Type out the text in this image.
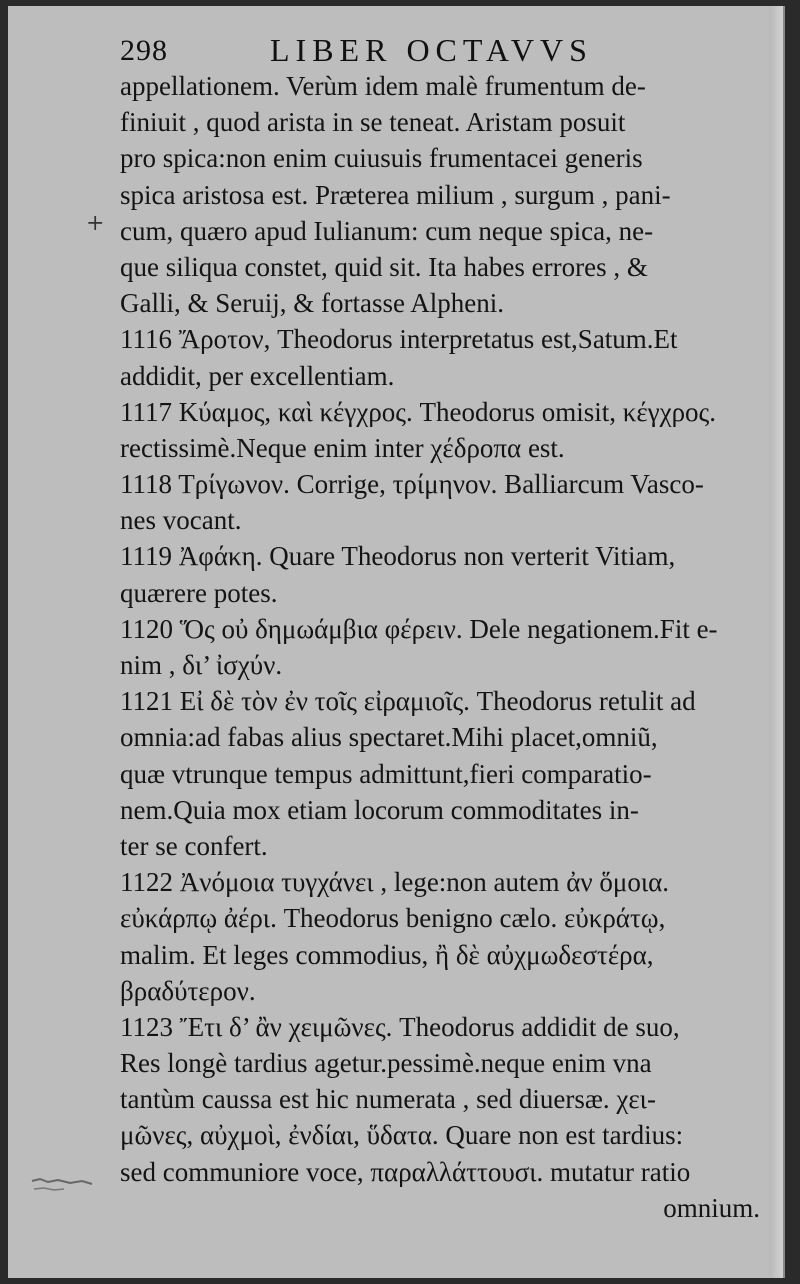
298	LIBER OCTAVVS
+
appellationem. Verùm idem malè frumentum de-
finiuit , quod arista in se teneat. Aristam posuit
pro spica:non enim cuiusuis frumentacei generis
spica aristosa est. Præterea milium , surgum , pani-
cum, quæro apud Iulianum: cum neque spica, ne-
que siliqua constet, quid sit. Ita habes errores , &
Galli, & Seruij, & fortasse Alpheni.
1116 Ἄροτον, Theodorus interpretatus est,Satum.Et
addidit, per excellentiam.
1117 Κύαμος, καὶ κέγχρος. Theodorus omisit, κέγχρος.
rectissimè.Neque enim inter χέδροπα est.
1118 Τρίγωνον. Corrige, τρίμηνον. Balliarcum Vasco-
nes vocant.
1119 Ἀφάκη. Quare Theodorus non verterit Vitiam,
quærere potes.
1120 Ὅς οὐ δημωάμβια φέρειν. Dele negationem.Fit e-
nim , δι’ ἰσχύν.
1121 Εἰ δὲ τὸν ἐν τοῖς εἰραμιοῖς. Theodorus retulit ad
omnia:ad fabas alius spectaret.Mihi placet,omniũ,
quæ vtrunque tempus admittunt,fieri comparatio-
nem.Quia mox etiam locorum commoditates in-
ter se confert.
1122 Ἀνόμοια τυγχάνει , lege:non autem ἀν ὅμοια.
εὐκάρπῳ ἀέρι. Theodorus benigno cælo. εὐκράτῳ,
malim. Et leges commodius, ἢ δὲ αὐχμωδεστέρα,
βραδύτερον.
1123 Ἔτι δ’ ἂν χειμῶνες. Theodorus addidit de suo,
Res longè tardius agetur.pessimè.neque enim vna
tantùm caussa est hic numerata , sed diuersæ. χει-
μῶνες, αὐχμοὶ, ἐνδίαι, ὕδατα. Quare non est tardius:
sed communiore voce, παραλλάττουσι. mutatur ratio
omnium.
